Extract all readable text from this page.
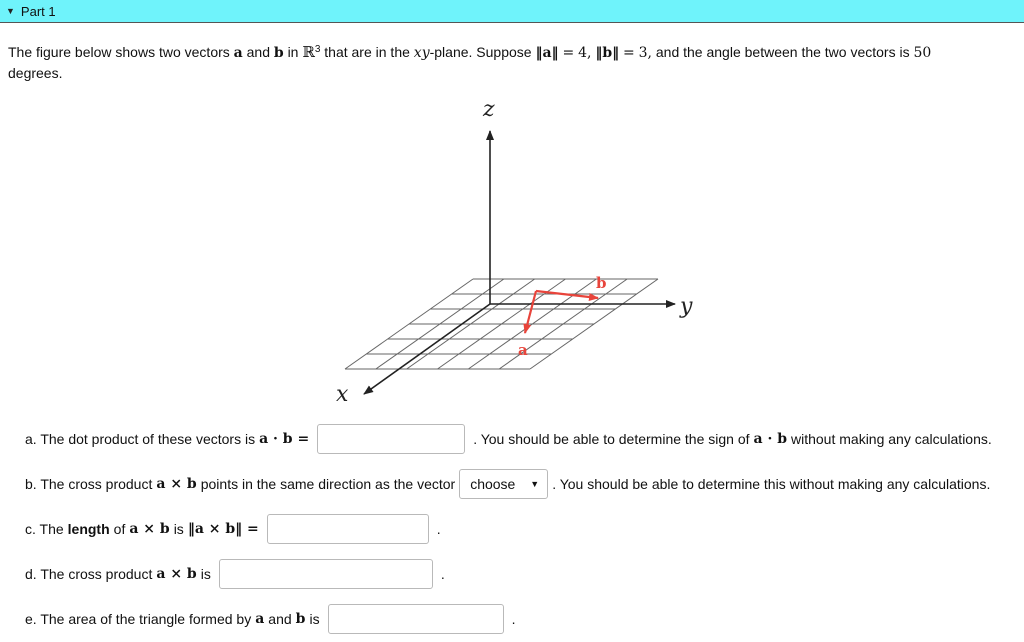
▼ Part 1
The figure below shows two vectors a and b in ℝ$^3$ that are in the xy-plane. Suppose ‖a‖ = 4, ‖b‖ = 3, and the angle between the two vectors is 50
degrees.
z
y
x
a
b
a. The dot product of these vectors is a · b =	. You should be able to determine the sign of a · b without making any calculations.
b. The cross product a × b points in the same direction as the vector choose ▼ . You should be able to determine this without making any calculations.
c. The length of a × b is ‖a × b‖ =	.
d. The cross product a × b is	.
e. The area of the triangle formed by a and b is	.
